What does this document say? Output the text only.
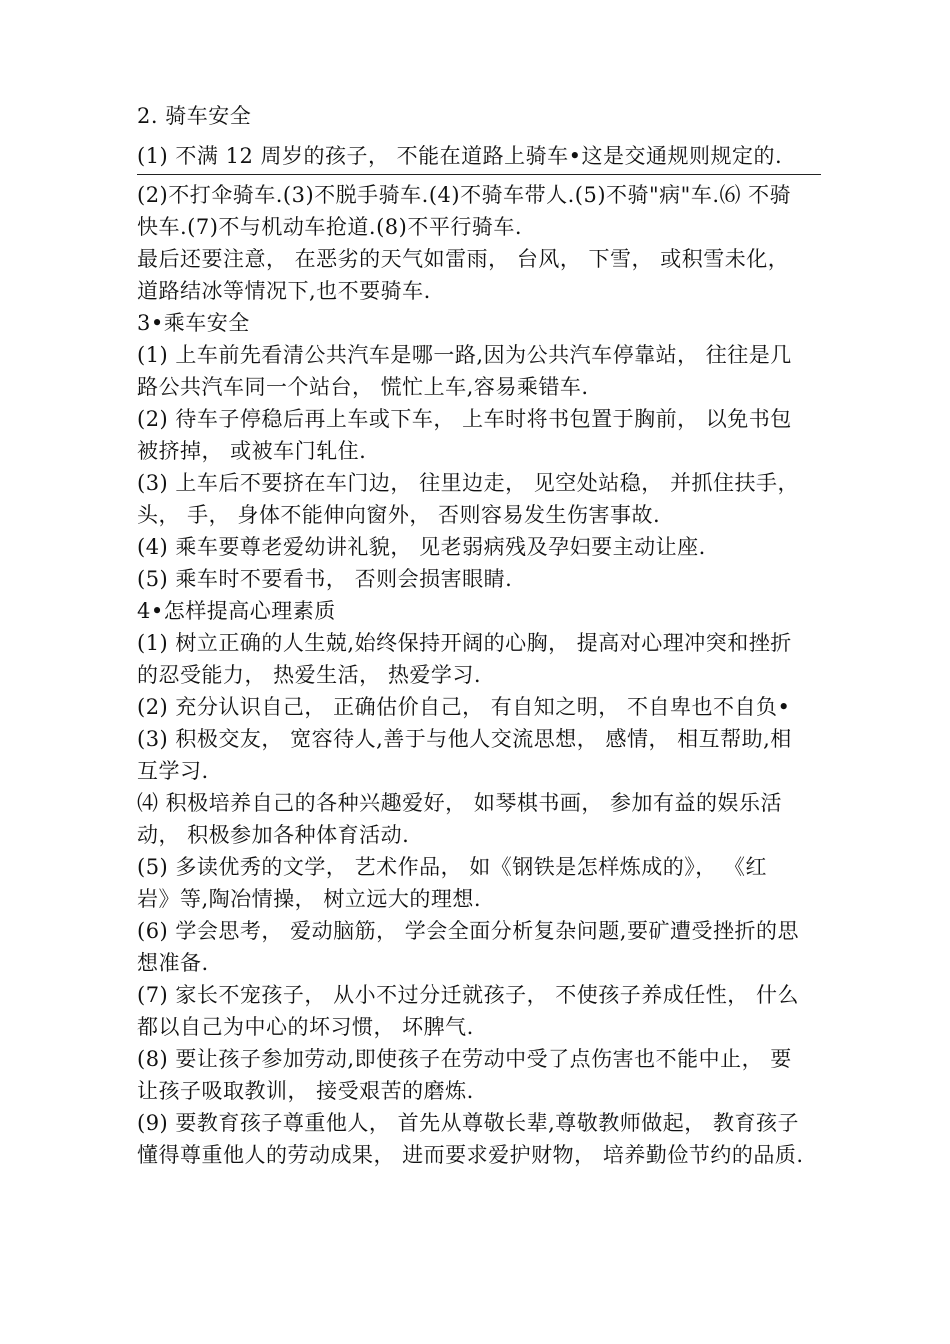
2. 骑车安全
(1) 不满 12 周岁的孩子， 不能在道路上骑车•这是交通规则规定的.
(2)不打伞骑车.(3)不脱手骑车.(4)不骑车带人.(5)不骑"病"车.⑹ 不骑
快车.(7)不与机动车抢道.(8)不平行骑车.
最后还要注意， 在恶劣的天气如雷雨， 台风， 下雪， 或积雪未化，
道路结冰等情况下,也不要骑车.
3•乘车安全
(1) 上车前先看清公共汽车是哪一路,因为公共汽车停靠站， 往往是几
路公共汽车同一个站台， 慌忙上车,容易乘错车.
(2) 待车子停稳后再上车或下车， 上车时将书包置于胸前， 以免书包
被挤掉， 或被车门轧住.
(3) 上车后不要挤在车门边， 往里边走， 见空处站稳， 并抓住扶手，
头， 手， 身体不能伸向窗外， 否则容易发生伤害事故.
(4) 乘车要尊老爱幼讲礼貌， 见老弱病残及孕妇要主动让座.
(5) 乘车时不要看书， 否则会损害眼睛.
4•怎样提高心理素质
(1) 树立正确的人生兢,始终保持开阔的心胸， 提高对心理冲突和挫折
的忍受能力， 热爱生活， 热爱学习.
(2) 充分认识自己， 正确估价自己， 有自知之明， 不自卑也不自负•
(3) 积极交友， 宽容待人,善于与他人交流思想， 感情， 相互帮助,相
互学习.
⑷ 积极培养自己的各种兴趣爱好， 如琴棋书画， 参加有益的娱乐活
动， 积极参加各种体育活动.
(5) 多读优秀的文学， 艺术作品， 如《钢铁是怎样炼成的》， 《红
岩》等,陶冶情操， 树立远大的理想.
(6) 学会思考， 爱动脑筋， 学会全面分析复杂问题,要矿遭受挫折的思
想准备.
(7) 家长不宠孩子， 从小不过分迁就孩子， 不使孩子养成任性， 什么
都以自己为中心的坏习惯， 坏脾气.
(8) 要让孩子参加劳动,即使孩子在劳动中受了点伤害也不能中止， 要
让孩子吸取教训， 接受艰苦的磨炼.
(9) 要教育孩子尊重他人， 首先从尊敬长辈,尊敬教师做起， 教育孩子
懂得尊重他人的劳动成果， 进而要求爱护财物， 培养勤俭节约的品质.
